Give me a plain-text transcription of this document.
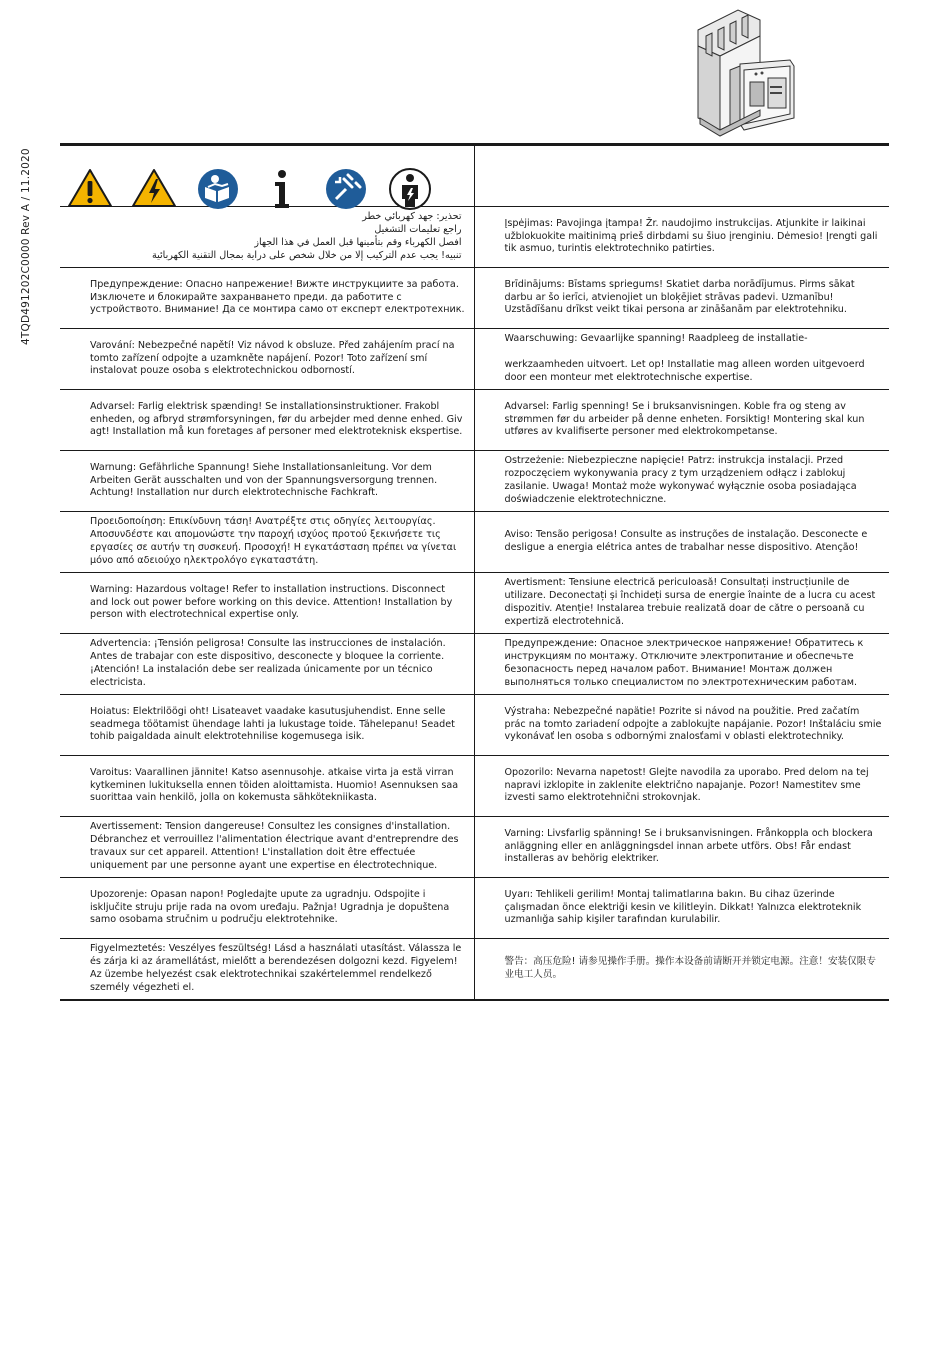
4TQD491202C0000 Rev A / 11.2020	تحذير: جهد كهربائي خطر
راجع تعليمات التشغيل
افصل الكهرباء وقم بتأمينها قبل العمل في هذا الجهاز
تنبيه! يجب عدم التركيب إلا من خلال شخص على دراية بمجال التقنية الكهربائية
Įspėjimas: Pavojinga įtampa! Žr. naudojimo instrukcijas. Atjunkite ir laikinai užblokuokite maitinimą prieš dirbdami su šiuo įrenginiu. Dėmesio! Įrengti gali tik asmuo, turintis elektrotechniko patirties.
Предупреждение: Опасно напрежение! Вижте инструкциите за работа. Изключете и блокирайте захранването преди. да работите с устройството. Внимание! Да се монтира само от експерт електротехник.
Brīdinājums: Bīstams spriegums! Skatiet darba norādījumus. Pirms sākat darbu ar šo ierīci, atvienojiet un bloķējiet strāvas padevi. Uzmanību! Uzstādīšanu drīkst veikt tikai persona ar zināšanām par elektrotehniku.
Varování: Nebezpečné napětí! Viz návod k obsluze. Před zahájením prací na tomto zařízení odpojte a uzamkněte napájení. Pozor! Toto zařízení smí instalovat pouze osoba s elektrotechnickou odborností.
Waarschuwing: Gevaarlijke spanning! Raadpleeg de installatie-

werkzaamheden uitvoert. Let op! Installatie mag alleen worden uitgevoerd door een monteur met elektrotechnische expertise.
Advarsel: Farlig elektrisk spænding! Se installationsinstruktioner. Frakobl enheden, og afbryd strømforsyningen, før du arbejder med denne enhed. Giv agt! Installation må kun foretages af personer med elektroteknisk ekspertise.
Advarsel: Farlig spenning! Se i bruksanvisningen. Koble fra og steng av strømmen før du arbeider på denne enheten. Forsiktig! Montering skal kun utføres av kvalifiserte personer med elektrokompetanse.
Warnung: Gefährliche Spannung! Siehe Installationsanleitung. Vor dem Arbeiten Gerät ausschalten und von der Spannungsversorgung trennen. Achtung! Installation nur durch elektrotechnische Fachkraft.
Ostrzeżenie: Niebezpieczne napięcie! Patrz: instrukcja instalacji. Przed rozpoczęciem wykonywania pracy z tym urządzeniem odłącz i zablokuj zasilanie. Uwaga! Montaż może wykonywać wyłącznie osoba posiadająca doświadczenie elektrotechniczne.
Προειδοποίηση: Επικίνδυνη τάση! Ανατρέξτε στις οδηγίες λειτουργίας. Αποσυνδέστε και απομονώστε την παροχή ισχύος προτού ξεκινήσετε τις εργασίες σε αυτήν τη συσκευή. Προσοχή! Η εγκατάσταση πρέπει να γίνεται μόνο από αδειούχο ηλεκτρολόγο εγκαταστάτη.
Aviso: Tensão perigosa! Consulte as instruções de instalação. Desconecte e desligue a energia elétrica antes de trabalhar nesse dispositivo. Atenção!
Warning: Hazardous voltage! Refer to installation instructions. Disconnect and lock out power before working on this device. Attention! Installation by person with electrotechnical expertise only.
Avertisment: Tensiune electrică periculoasă! Consultați instrucțiunile de utilizare. Deconectați și închideți sursa de energie înainte de a lucra cu acest dispozitiv. Atenție! Instalarea trebuie realizată doar de către o persoană cu expertiză electrotehnică.
Advertencia: ¡Tensión peligrosa! Consulte las instrucciones de instalación. Antes de trabajar con este dispositivo, desconecte y bloquee la corriente. ¡Atención! La instalación debe ser realizada únicamente por un técnico electricista.
Предупреждение: Опасное электрическое напряжение! Обратитесь к инструкциям по монтажу. Отключите электропитание и обеспечьте безопасность перед началом работ. Внимание! Монтаж должен выполняться только специалистом по электротехническим работам.
Hoiatus: Elektrilöögi oht! Lisateavet vaadake kasutusjuhendist. Enne selle seadmega töötamist ühendage lahti ja lukustage toide. Tähelepanu! Seadet tohib paigaldada ainult elektrotehnilise kogemusega isik.
Výstraha: Nebezpečné napätie! Pozrite si návod na použitie. Pred začatím prác na tomto zariadení odpojte a zablokujte napájanie. Pozor! Inštaláciu smie vykonávať len osoba s odbornými znalosťami v oblasti elektrotechniky.
Varoitus: Vaarallinen jännite! Katso asennusohje. atkaise virta ja estä virran kytkeminen lukituksella ennen töiden aloittamista. Huomio! Asennuksen saa suorittaa vain henkilö, jolla on kokemusta sähkötekniikasta.
Opozorilo: Nevarna napetost! Glejte navodila za uporabo. Pred delom na tej napravi izklopite in zaklenite električno napajanje. Pozor! Namestitev sme izvesti samo elektrotehnični strokovnjak.
Avertissement: Tension dangereuse! Consultez les consignes d'installation. Débranchez et verrouillez l'alimentation électrique avant d'entreprendre des travaux sur cet appareil. Attention! L'installation doit être effectuée uniquement par une personne ayant une expertise en électrotechnique.
Varning: Livsfarlig spänning! Se i bruksanvisningen. Frånkoppla och blockera anläggning eller en anläggningsdel innan arbete utförs. Obs! Får endast installeras av behörig elektriker.
Upozorenje: Opasan napon! Pogledajte upute za ugradnju. Odspojite i isključite struju prije rada na ovom uređaju. Pažnja! Ugradnja je dopuštena samo osobama stručnim u području elektrotehnike.
Uyarı: Tehlikeli gerilim! Montaj talimatlarına bakın. Bu cihaz üzerinde çalışmadan önce elektriği kesin ve kilitleyin. Dikkat! Yalnızca elektroteknik uzmanlığa sahip kişiler tarafından kurulabilir.
Figyelmeztetés: Veszélyes feszültség! Lásd a használati utasítást. Válassza le és zárja ki az áramellátást, mielőtt a berendezésen dolgozni kezd. Figyelem! Az üzembe helyezést csak elektrotechnikai szakértelemmel rendelkező személy végezheti el.
警告：高压危险! 请参见操作手册。操作本设备前请断开并锁定电源。注意！安装仅限专业电工人员。
